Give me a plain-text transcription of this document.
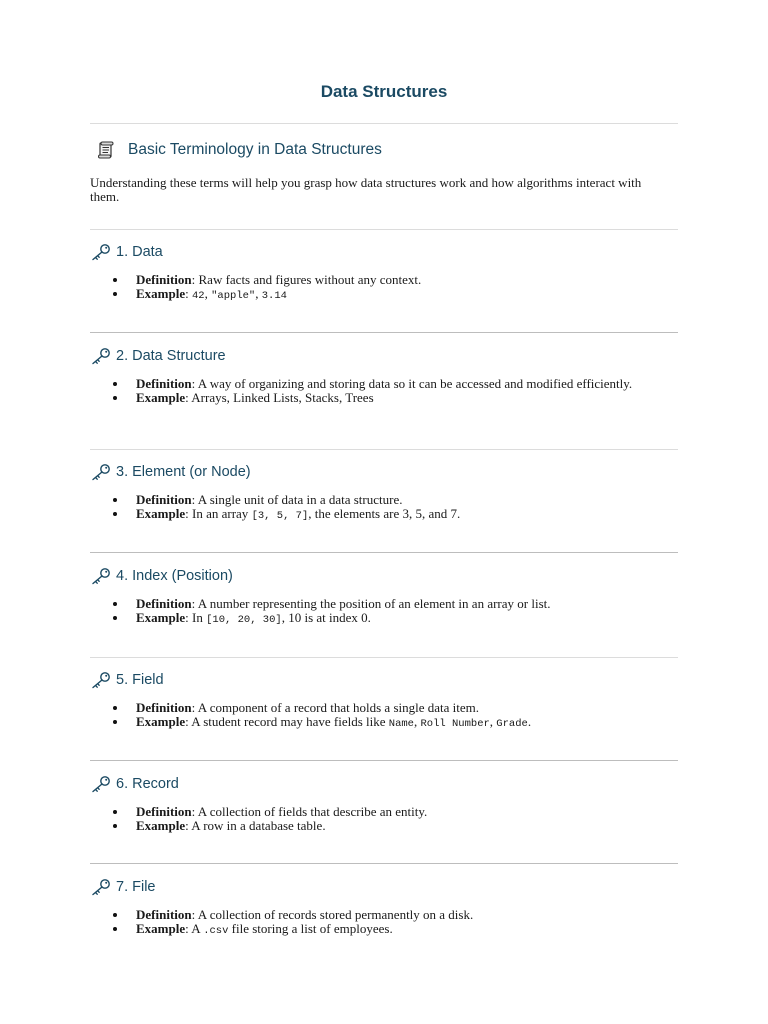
Data Structures
Basic Terminology in Data Structures

Understanding these terms will help you grasp how data structures work and how algorithms interact with them.

1. Data
Definition: Raw facts and figures without any context.
Example: 42, "apple", 3.14
2. Data Structure
Definition: A way of organizing and storing data so it can be accessed and modified efficiently.
Example: Arrays, Linked Lists, Stacks, Trees
3. Element (or Node)
Definition: A single unit of data in a data structure.
Example: In an array [3, 5, 7], the elements are 3, 5, and 7.
4. Index (Position)
Definition: A number representing the position of an element in an array or list.
Example: In [10, 20, 30], 10 is at index 0.
5. Field
Definition: A component of a record that holds a single data item.
Example: A student record may have fields like Name, Roll Number, Grade.
6. Record
Definition: A collection of fields that describe an entity.
Example: A row in a database table.
7. File
Definition: A collection of records stored permanently on a disk.
Example: A .csv file storing a list of employees.
